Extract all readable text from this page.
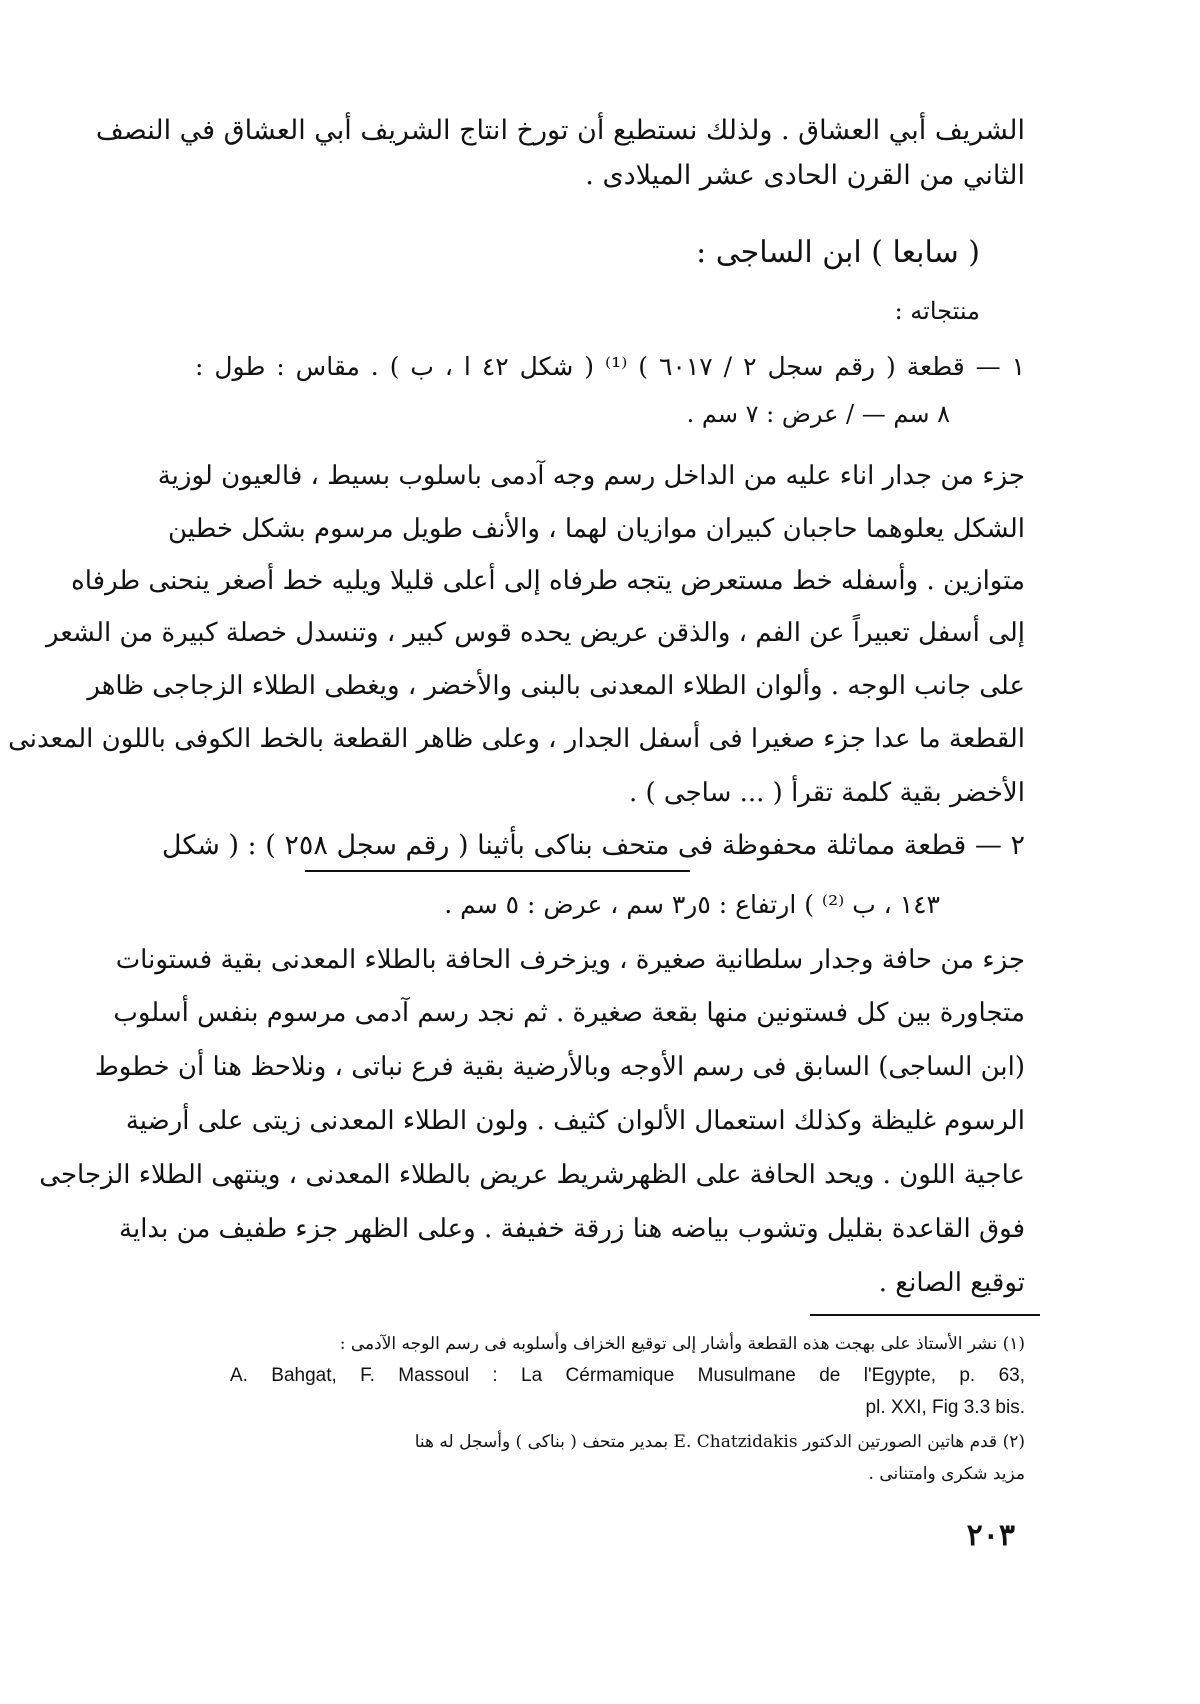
الشريف أبي العشاق . ولذلك نستطيع أن تورخ انتاج الشريف أبي العشاق في النصف
الثاني من القرن الحادى عشر الميلادى .
( سابعا ) ابن الساجى :
منتجاته :
١ — قطعة ( رقم سجل ٢ / ٦٠١٧ ) ⁽¹⁾ ( شكل ٤٢ ا ، ب ) . مقاس : طول :
٨ سم — / عرض : ٧ سم .
جزء من جدار اناء عليه من الداخل رسم وجه آدمى باسلوب بسيط ، فالعيون لوزية
الشكل يعلوهما حاجبان كبيران موازيان لهما ، والأنف طويل مرسوم بشكل خطين
متوازين . وأسفله خط مستعرض يتجه طرفاه إلى أعلى قليلا ويليه خط أصغر ينحنى طرفاه
إلى أسفل تعبيراً عن الفم ، والذقن عريض يحده قوس كبير ، وتنسدل خصلة كبيرة من الشعر
على جانب الوجه . وألوان الطلاء المعدنى بالبنى والأخضر ، ويغطى الطلاء الزجاجى ظاهر
القطعة ما عدا جزء صغيرا فى أسفل الجدار ، وعلى ظاهر القطعة بالخط الكوفى باللون المعدنى
الأخضر بقية كلمة تقرأ ( ... ساجى ) .
٢ — قطعة مماثلة محفوظة فى متحف بناكى بأثينا ( رقم سجل ٢٥٨ ) : ( شكل
١٤٣ ، ب ⁽²⁾ ) ارتفاع : ٥ر٣ سم ، عرض : ٥ سم .
جزء من حافة وجدار سلطانية صغيرة ، ويزخرف الحافة بالطلاء المعدنى بقية فستونات
متجاورة بين كل فستونين منها بقعة صغيرة . ثم نجد رسم آدمى مرسوم بنفس أسلوب
(ابن الساجى) السابق فى رسم الأوجه وبالأرضية بقية فرع نباتى ، ونلاحظ هنا أن خطوط
الرسوم غليظة وكذلك استعمال الألوان كثيف . ولون الطلاء المعدنى زيتى على أرضية
عاجية اللون . ويحد الحافة على الظهرشريط عريض بالطلاء المعدنى ، وينتهى الطلاء الزجاجى
فوق القاعدة بقليل وتشوب بياضه هنا زرقة خفيفة . وعلى الظهر جزء طفيف من بداية
توقيع الصانع .
(١) نشر الأستاذ على بهجت هذه القطعة وأشار إلى توقيع الخزاف وأسلوبه فى رسم الوجه الآدمى :
A. Bahgat, F. Massoul : La Cérmamique Musulmane de l'Egypte, p. 63,
pl. XXI, Fig 3.3 bis.
(٢) قدم هاتين الصورتين الدكتور E. Chatzidakis بمدير متحف ( بناكى ) وأسجل له هنا
مزيد شكرى وامتنانى .
٢٠٣
